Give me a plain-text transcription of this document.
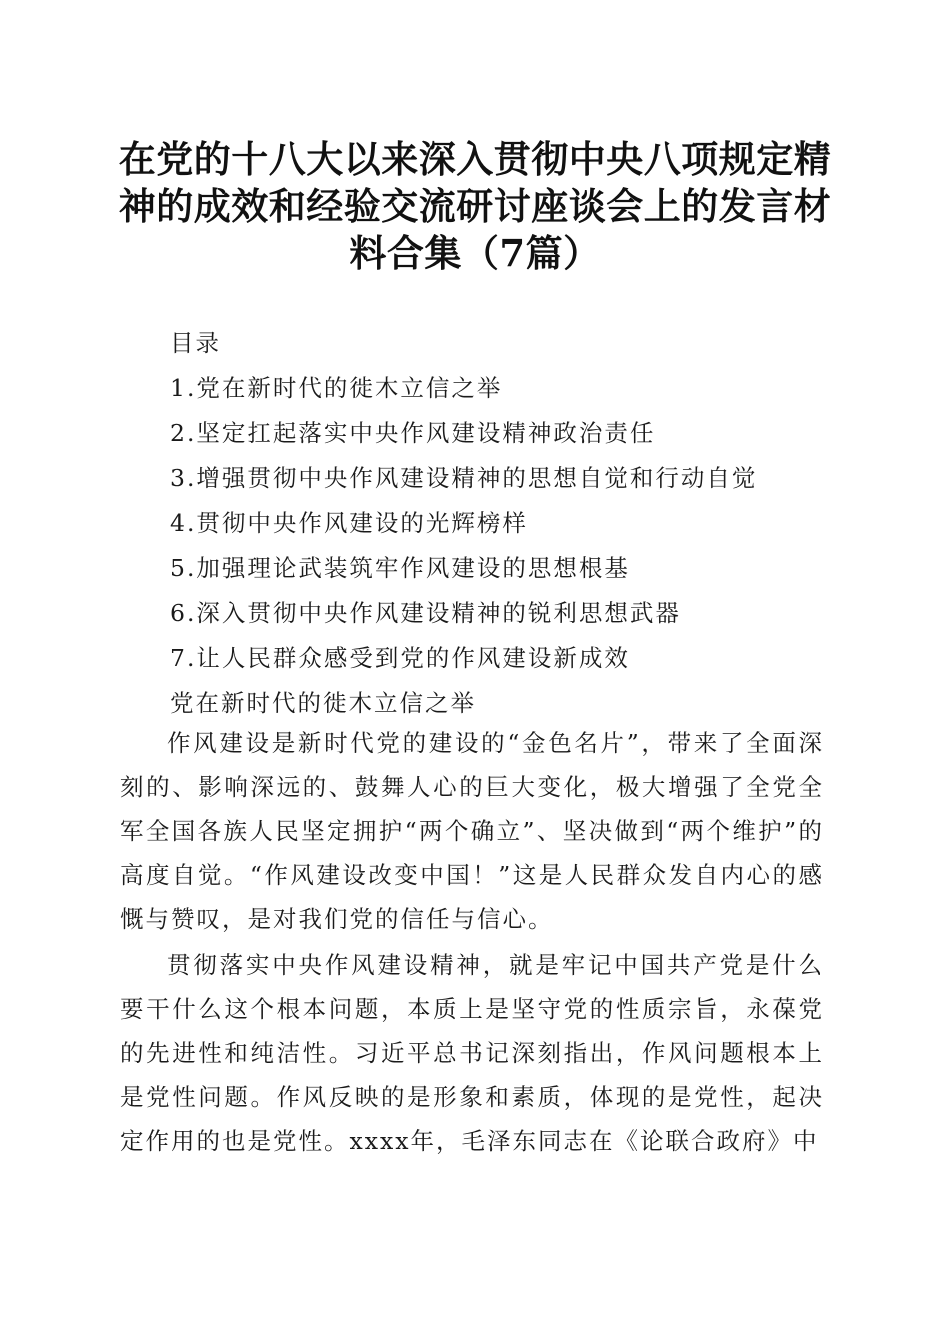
在党的十八大以来深入贯彻中央八项规定精神的成效和经验交流研讨座谈会上的发言材料合集（7篇）
目录
1.党在新时代的徙木立信之举
2.坚定扛起落实中央作风建设精神政治责任
3.增强贯彻中央作风建设精神的思想自觉和行动自觉
4.贯彻中央作风建设的光辉榜样
5.加强理论武装筑牢作风建设的思想根基
6.深入贯彻中央作风建设精神的锐利思想武器
7.让人民群众感受到党的作风建设新成效
党在新时代的徙木立信之举

作风建设是新时代党的建设的“金色名片”，带来了全面深刻的、影响深远的、鼓舞人心的巨大变化，极大增强了全党全军全国各族人民坚定拥护“两个确立”、坚决做到“两个维护”的高度自觉。“作风建设改变中国！”这是人民群众发自内心的感慨与赞叹，是对我们党的信任与信心。

贯彻落实中央作风建设精神，就是牢记中国共产党是什么要干什么这个根本问题，本质上是坚守党的性质宗旨，永葆党的先进性和纯洁性。习近平总书记深刻指出，作风问题根本上是党性问题。作风反映的是形象和素质，体现的是党性，起决定作用的也是党性。xxxx年，毛泽东同志在《论联合政府》中
